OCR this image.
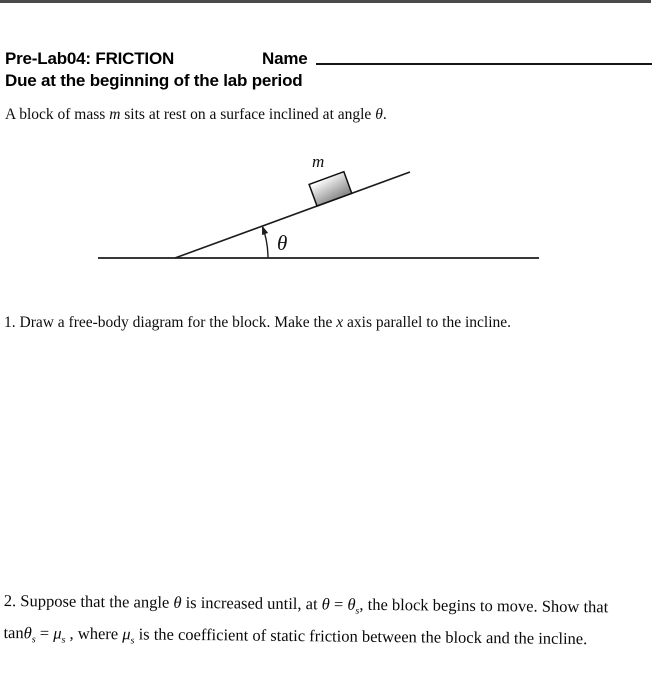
Pre-Lab04: FRICTION	Name
Due at the beginning of the lab period
A block of mass m sits at rest on a surface inclined at angle θ.
m
θ
1. Draw a free-body diagram for the block. Make the x axis parallel to the incline.
2. Suppose that the angle θ is increased until, at $\theta = \theta_s$, the block begins to move. Show that
$\tan\theta_s = \mu_s$ , where $\mu_s$ is the coefficient of static friction between the block and the incline.
